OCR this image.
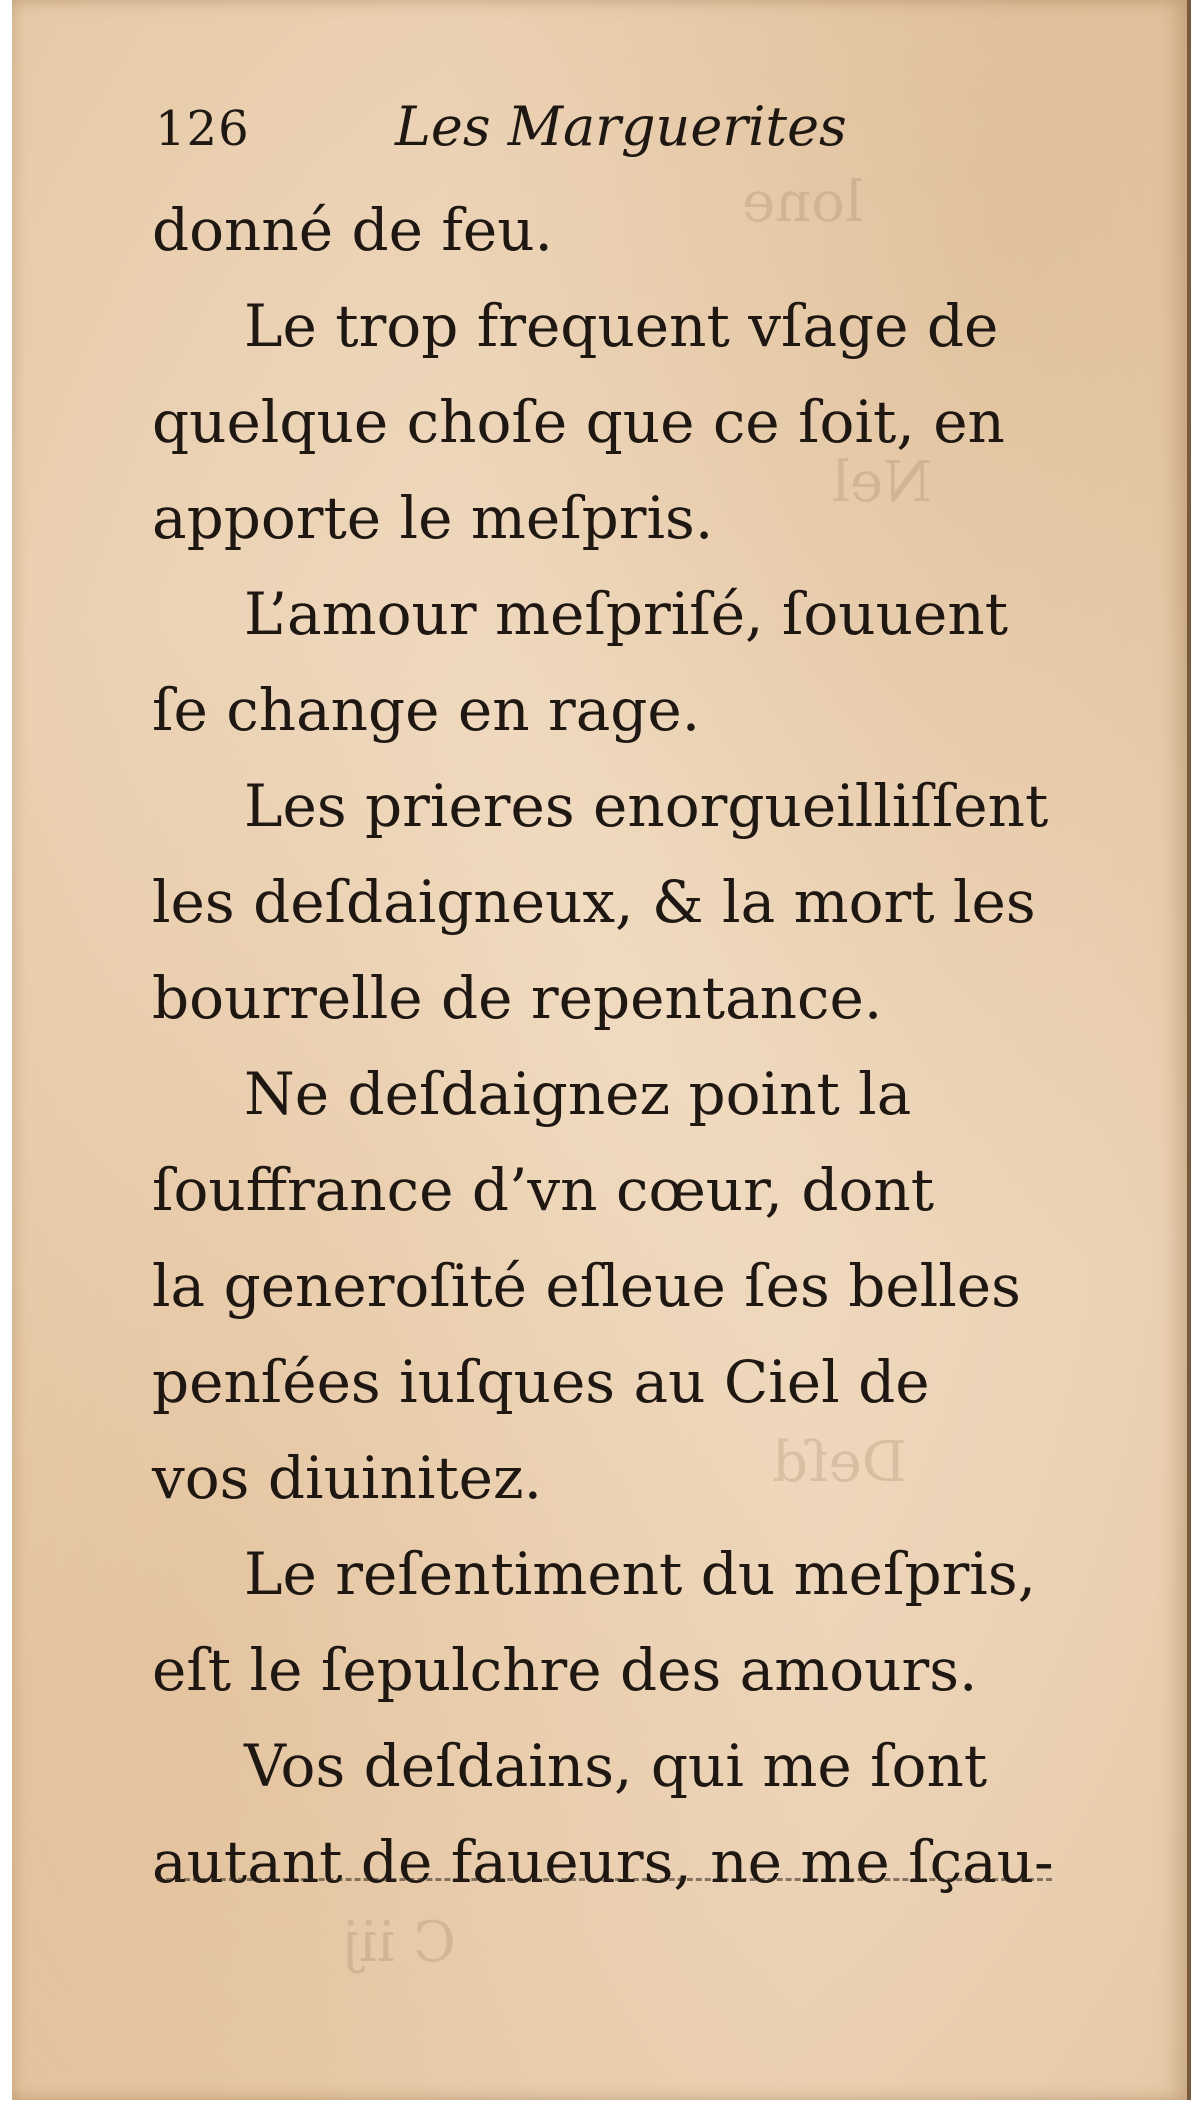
lone
Nel
Deſd
C iij
126	Les Marguerites
donné de feu.
Le trop frequent vſage de
quelque choſe que ce ſoit, en
apporte le meſpris.
L’amour meſpriſé, ſouuent
ſe change en rage.
Les prieres enorgueilliſſent
les deſdaigneux, & la mort les
bourrelle de repentance.
Ne deſdaignez point la
ſouffrance d’vn cœur, dont
la generoſité eſleue ſes belles
penſées iuſques au Ciel de
vos diuinitez.
Le reſentiment du meſpris,
eſt le ſepulchre des amours.
Vos deſdains, qui me ſont
autant de faueurs, ne me ſçau-
